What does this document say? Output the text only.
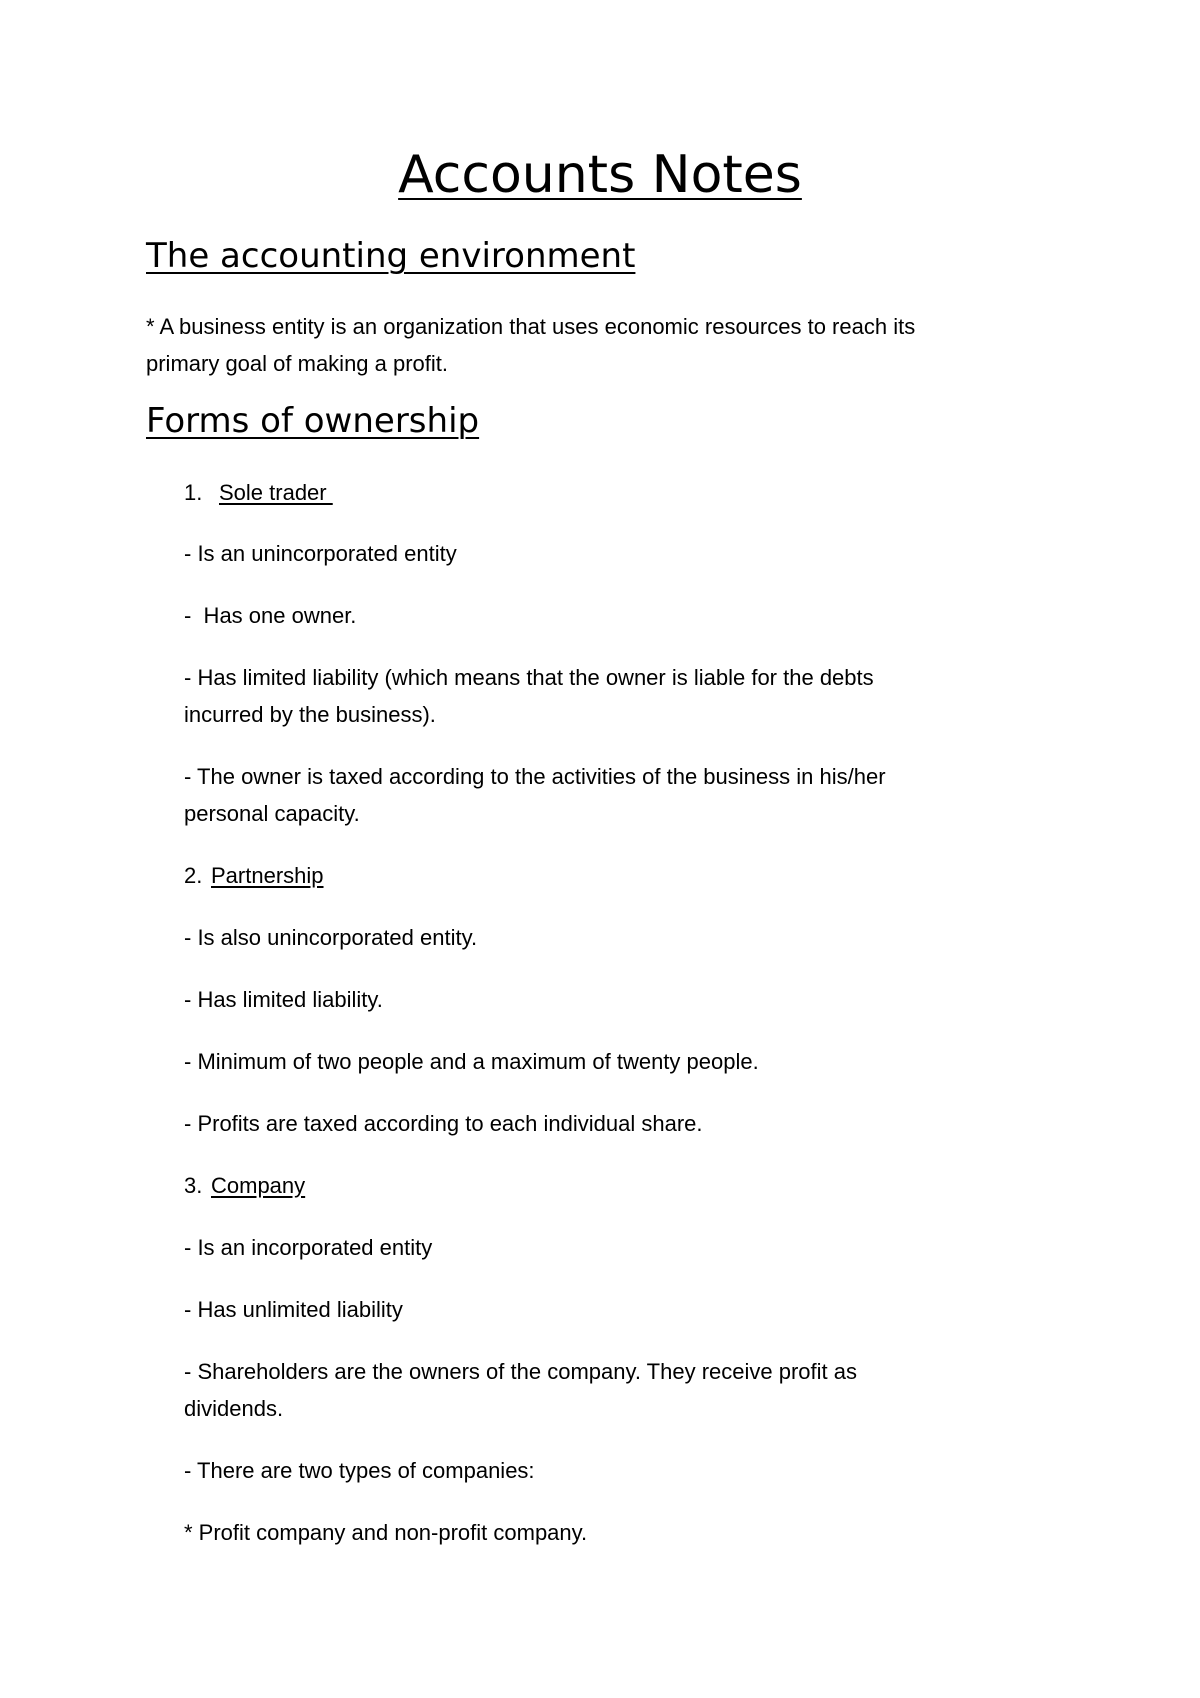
Accounts Notes
The accounting environment

* A business entity is an organization that uses economic resources to reach its

primary goal of making a profit.

Forms of ownership

1. Sole trader

- Is an unincorporated entity

-  Has one owner.

- Has limited liability (which means that the owner is liable for the debts

incurred by the business).

- The owner is taxed according to the activities of the business in his/her

personal capacity.

2. Partnership

- Is also unincorporated entity.

- Has limited liability.

- Minimum of two people and a maximum of twenty people.

- Profits are taxed according to each individual share.

3. Company

- Is an incorporated entity

- Has unlimited liability

- Shareholders are the owners of the company. They receive profit as

dividends.

- There are two types of companies:

* Profit company and non-profit company.
